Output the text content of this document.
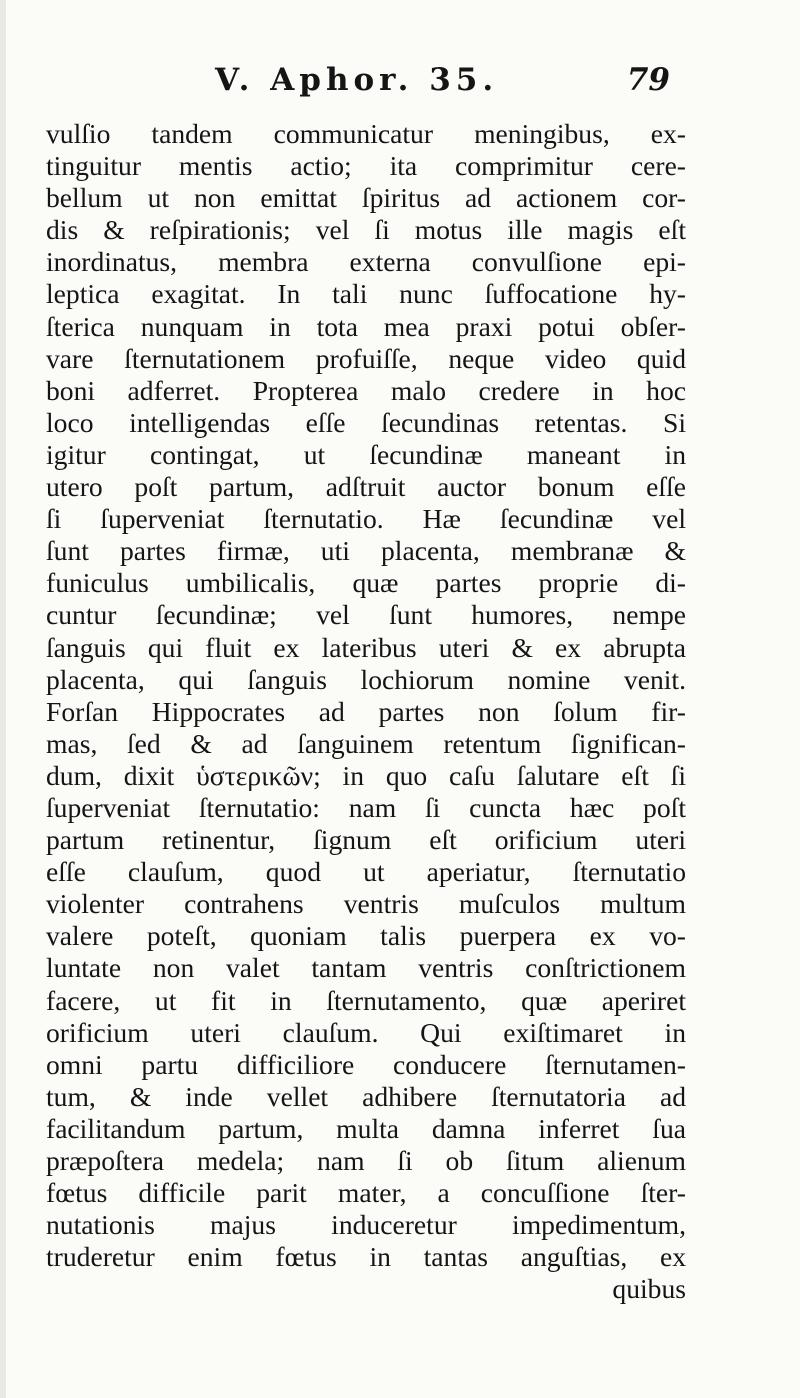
V. Aphor. 35.	79
vulſio tandem communicatur meningibus, ex-
tinguitur mentis actio; ita comprimitur cere-
bellum ut non emittat ſpiritus ad actionem cor-
dis & reſpirationis; vel ſi motus ille magis eſt
inordinatus, membra externa convulſione epi-
leptica exagitat. In tali nunc ſuffocatione hy-
ſterica nunquam in tota mea praxi potui obſer-
vare ſternutationem profuiſſe, neque video quid
boni adferret. Propterea malo credere in hoc
loco intelligendas eſſe ſecundinas retentas. Si
igitur contingat, ut ſecundinæ maneant in
utero poſt partum, adſtruit auctor bonum eſſe
ſi ſuperveniat ſternutatio. Hæ ſecundinæ vel
ſunt partes firmæ, uti placenta, membranæ &
funiculus umbilicalis, quæ partes proprie di-
cuntur ſecundinæ; vel ſunt humores, nempe
ſanguis qui fluit ex lateribus uteri & ex abrupta
placenta, qui ſanguis lochiorum nomine venit.
Forſan Hippocrates ad partes non ſolum fir-
mas, ſed & ad ſanguinem retentum ſignifican-
dum, dixit ὑστερικῶν; in quo caſu ſalutare eſt ſi
ſuperveniat ſternutatio: nam ſi cuncta hæc poſt
partum retinentur, ſignum eſt orificium uteri
eſſe clauſum, quod ut aperiatur, ſternutatio
violenter contrahens ventris muſculos multum
valere poteſt, quoniam talis puerpera ex vo-
luntate non valet tantam ventris conſtrictionem
facere, ut fit in ſternutamento, quæ aperiret
orificium uteri clauſum. Qui exiſtimaret in
omni partu difficiliore conducere ſternutamen-
tum, & inde vellet adhibere ſternutatoria ad
facilitandum partum, multa damna inferret ſua
præpoſtera medela; nam ſi ob ſitum alienum
fœtus difficile parit mater, a concuſſione ſter-
nutationis majus induceretur impedimentum,
truderetur enim fœtus in tantas anguſtias, ex
quibus
